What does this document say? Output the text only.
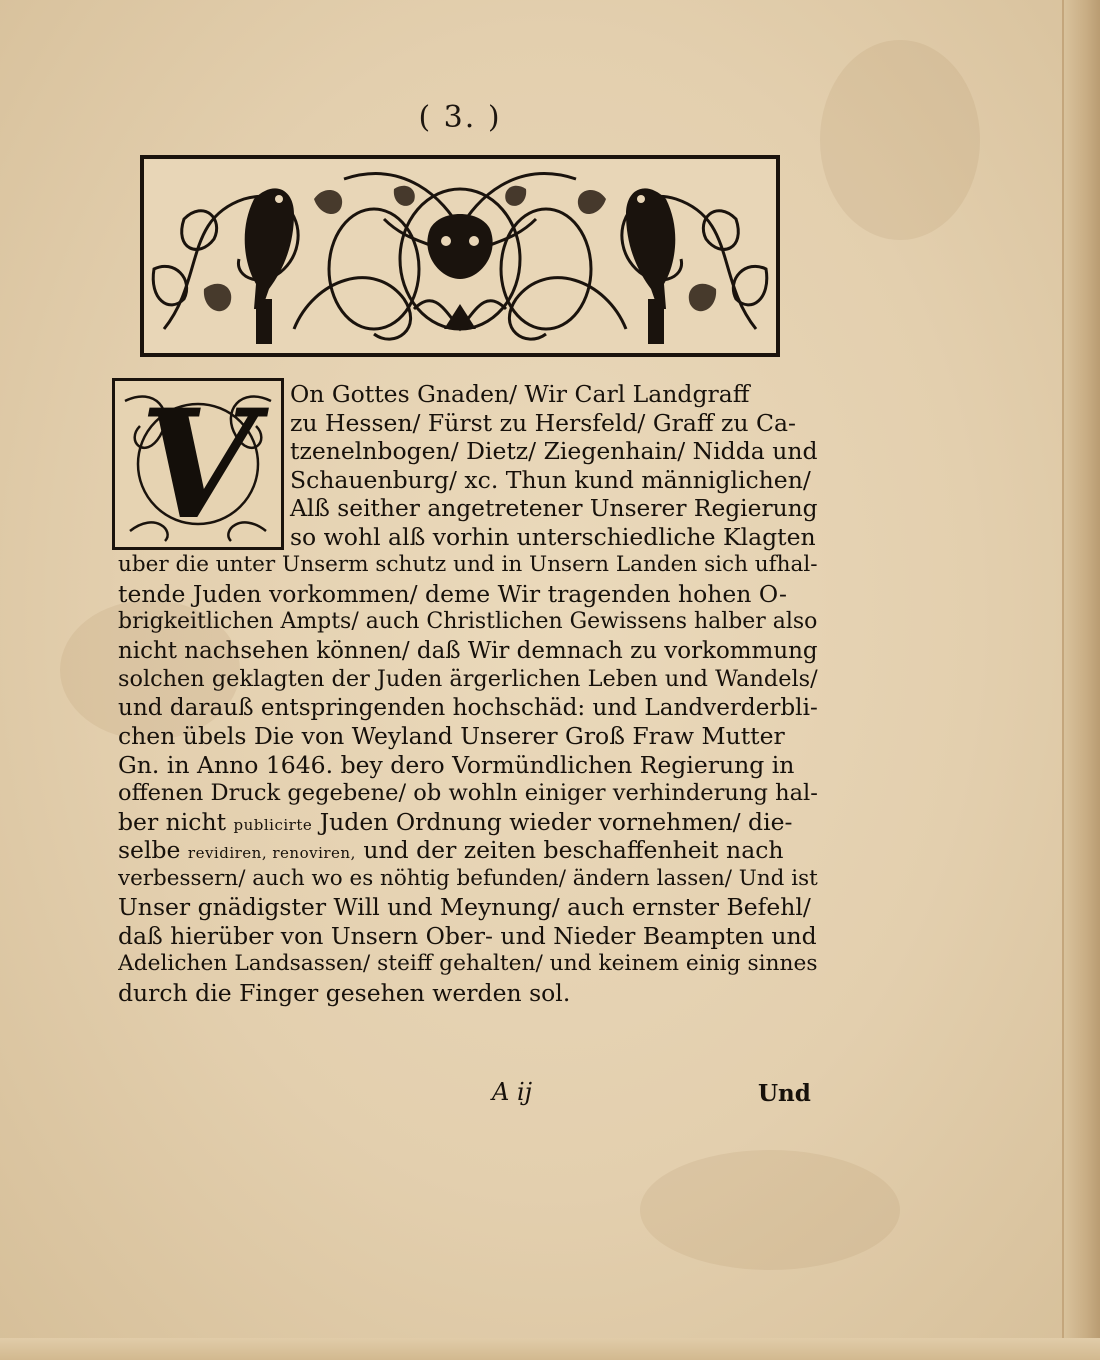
( 3. )
V	On Gottes Gnaden/ Wir Carl Landgraff
zu Hessen/ Fürst zu Hersfeld/ Graff zu Ca-
tzenelnbogen/ Dietz/ Ziegenhain/ Nidda und
Schauenburg/ xc. Thun kund männiglichen/
Alß seither angetretener Unserer Regierung
so wohl alß vorhin unterschiedliche Klagten
uber die unter Unserm schutz und in Unsern Landen sich ufhal-
tende Juden vorkommen/ deme Wir tragenden hohen O-
brigkeitlichen Ampts/ auch Christlichen Gewissens halber also
nicht nachsehen können/ daß Wir demnach zu vorkommung
solchen geklagten der Juden ärgerlichen Leben und Wandels/
und darauß entspringenden hochschäd: und Landverderbli-
chen übels Die von Weyland Unserer Groß Fraw Mutter
Gn. in Anno 1646. bey dero Vormündlichen Regierung in
offenen Druck gegebene/ ob wohln einiger verhinderung hal-
ber nicht publicirte Juden Ordnung wieder vornehmen/ die-
selbe revidiren, renoviren, und der zeiten beschaffenheit nach
verbessern/ auch wo es nöhtig befunden/ ändern lassen/ Und ist
Unser gnädigster Will und Meynung/ auch ernster Befehl/
daß hierüber von Unsern Ober- und Nieder Beampten und
Adelichen Landsassen/ steiff gehalten/ und keinem einig sinnes
durch die Finger gesehen werden sol.
A ij	Und
